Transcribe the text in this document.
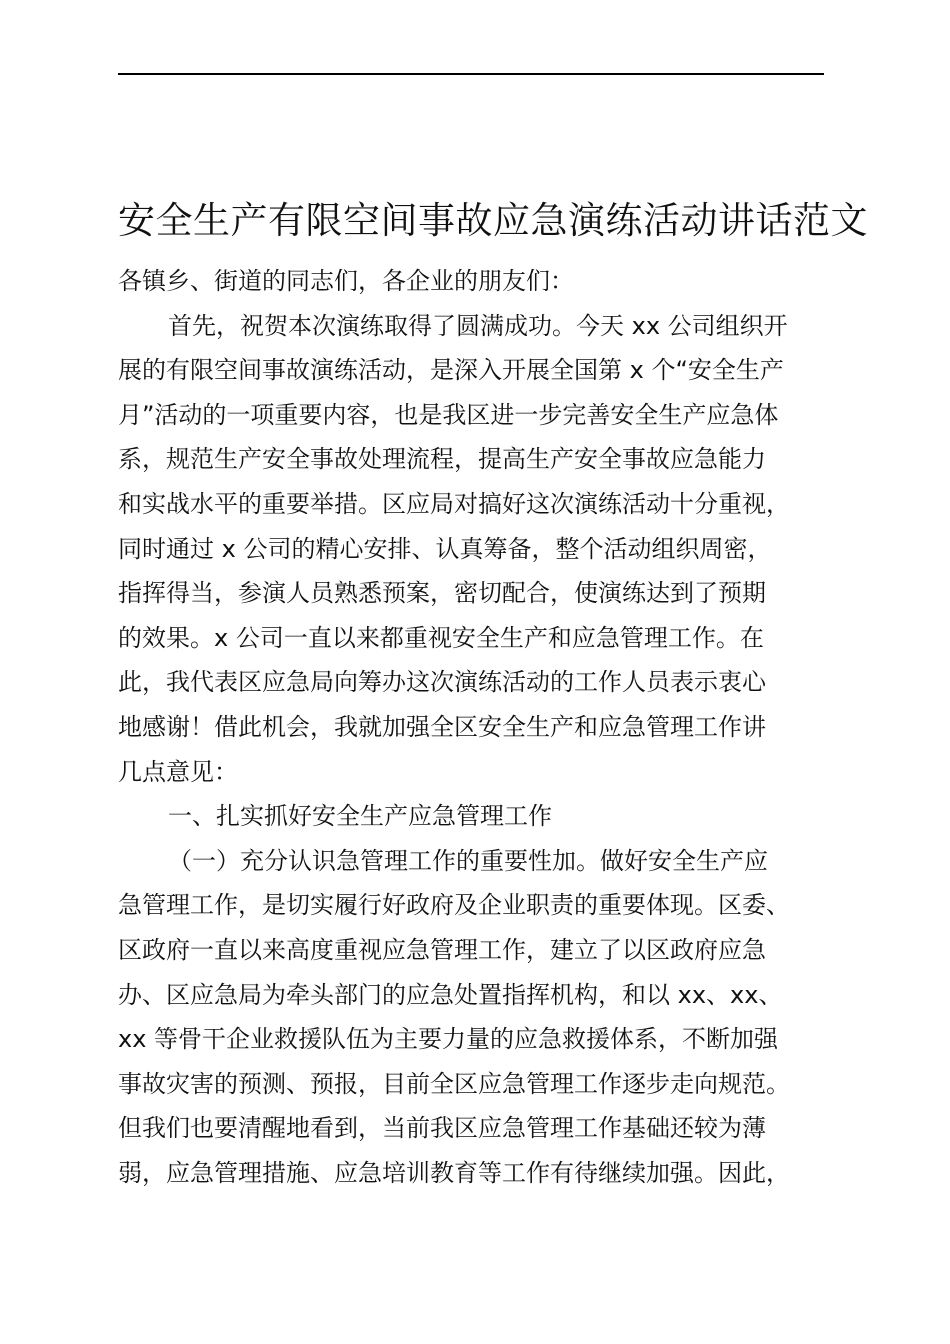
安全生产有限空间事故应急演练活动讲话范文
各镇乡、街道的同志们，各企业的朋友们：
首先，祝贺本次演练取得了圆满成功。今天 xx 公司组织开
展的有限空间事故演练活动，是深入开展全国第 x 个“安全生产
月”活动的一项重要内容，也是我区进一步完善安全生产应急体
系，规范生产安全事故处理流程，提高生产安全事故应急能力
和实战水平的重要举措。区应局对搞好这次演练活动十分重视，
同时通过 x 公司的精心安排、认真筹备，整个活动组织周密，
指挥得当，参演人员熟悉预案，密切配合，使演练达到了预期
的效果。x 公司一直以来都重视安全生产和应急管理工作。在
此，我代表区应急局向筹办这次演练活动的工作人员表示衷心
地感谢！借此机会，我就加强全区安全生产和应急管理工作讲
几点意见：
一、扎实抓好安全生产应急管理工作
（一）充分认识急管理工作的重要性加。做好安全生产应
急管理工作，是切实履行好政府及企业职责的重要体现。区委、
区政府一直以来高度重视应急管理工作，建立了以区政府应急
办、区应急局为牵头部门的应急处置指挥机构，和以 xx、xx、
xx 等骨干企业救援队伍为主要力量的应急救援体系，不断加强
事故灾害的预测、预报，目前全区应急管理工作逐步走向规范。
但我们也要清醒地看到，当前我区应急管理工作基础还较为薄
弱，应急管理措施、应急培训教育等工作有待继续加强。因此，
